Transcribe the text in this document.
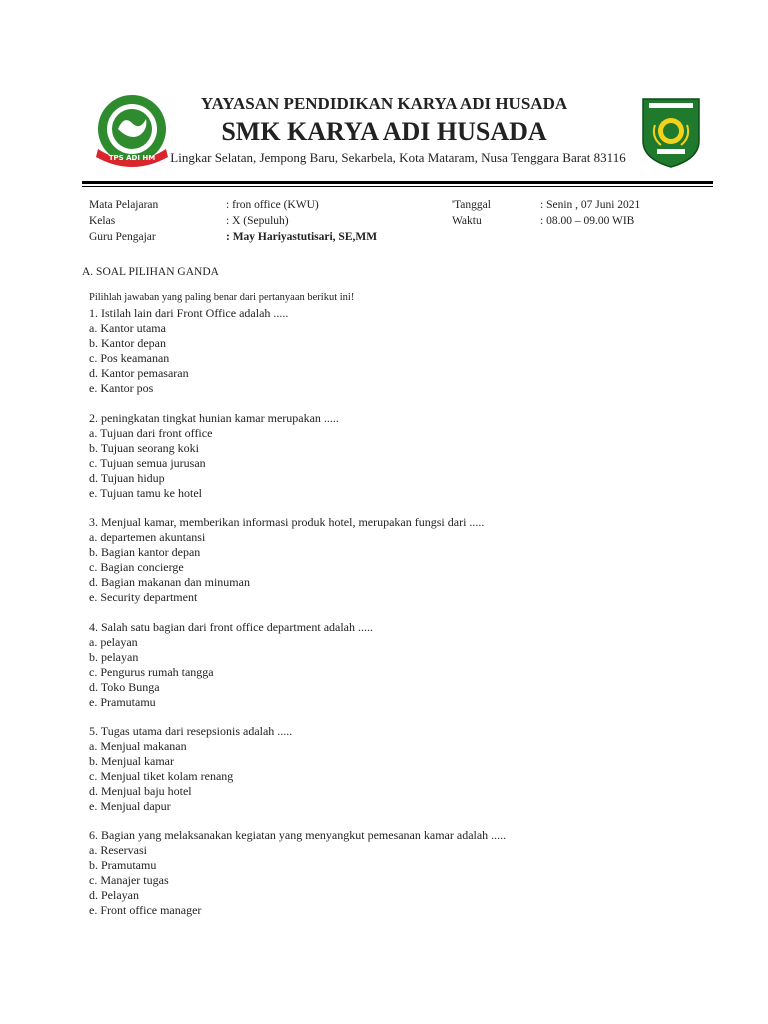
TPS ADI HM
YAYASAN PENDIDIKAN KARYA ADI HUSADA
SMK KARYA ADI HUSADA
Lingkar Selatan, Jempong Baru, Sekarbela, Kota Mataram, Nusa Tenggara Barat 83116
Mata Pelajaran	: fron office (KWU)
Kelas	: X (Sepuluh)
Guru Pengajar	: May Hariyastutisari, SE,MM
'Tanggal	: Senin , 07 Juni 2021
Waktu	: 08.00 – 09.00 WIB
A. SOAL PILIHAN GANDA
Pilihlah jawaban yang paling benar dari pertanyaan berikut ini!
1. Istilah lain dari Front Office adalah .....
a. Kantor utama
b. Kantor depan
c. Pos keamanan
d. Kantor pemasaran
e. Kantor pos
2. peningkatan tingkat hunian kamar merupakan .....
a. Tujuan dari front office
b. Tujuan seorang koki
c. Tujuan semua jurusan
d. Tujuan hidup
e. Tujuan tamu ke hotel
3. Menjual kamar, memberikan informasi produk hotel, merupakan fungsi dari .....
a. departemen akuntansi
b. Bagian kantor depan
c. Bagian concierge
d. Bagian makanan dan minuman
e. Security department
4. Salah satu bagian dari front office department adalah .....
a. pelayan
b. pelayan
c. Pengurus rumah tangga
d. Toko Bunga
e. Pramutamu
5. Tugas utama dari resepsionis adalah .....
a. Menjual makanan
b. Menjual kamar
c. Menjual tiket kolam renang
d. Menjual baju hotel
e. Menjual dapur
6. Bagian yang melaksanakan kegiatan yang menyangkut pemesanan kamar adalah .....
a. Reservasi
b. Pramutamu
c. Manajer tugas
d. Pelayan
e. Front office manager
